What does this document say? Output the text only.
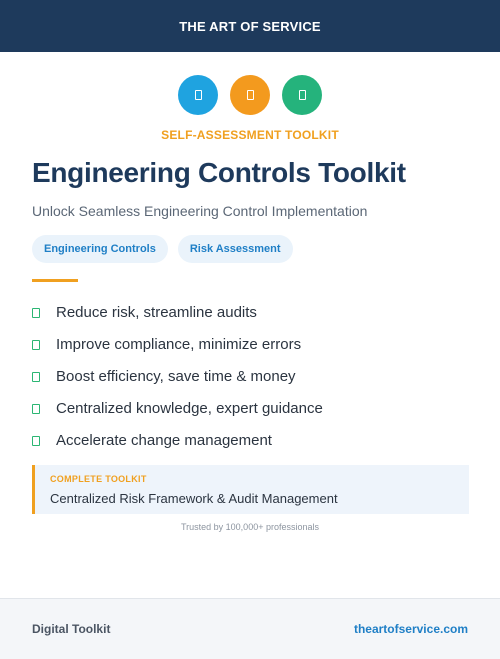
THE ART OF SERVICE
SELF-ASSESSMENT TOOLKIT
Engineering Controls Toolkit

Unlock Seamless Engineering Control Implementation

Engineering Controls	Risk Assessment
Reduce risk, streamline audits
Improve compliance, minimize errors
Boost efficiency, save time & money
Centralized knowledge, expert guidance
Accelerate change management
COMPLETE TOOLKIT
Centralized Risk Framework & Audit Management
Trusted by 100,000+ professionals
Digital Toolkit	theartofservice.com
